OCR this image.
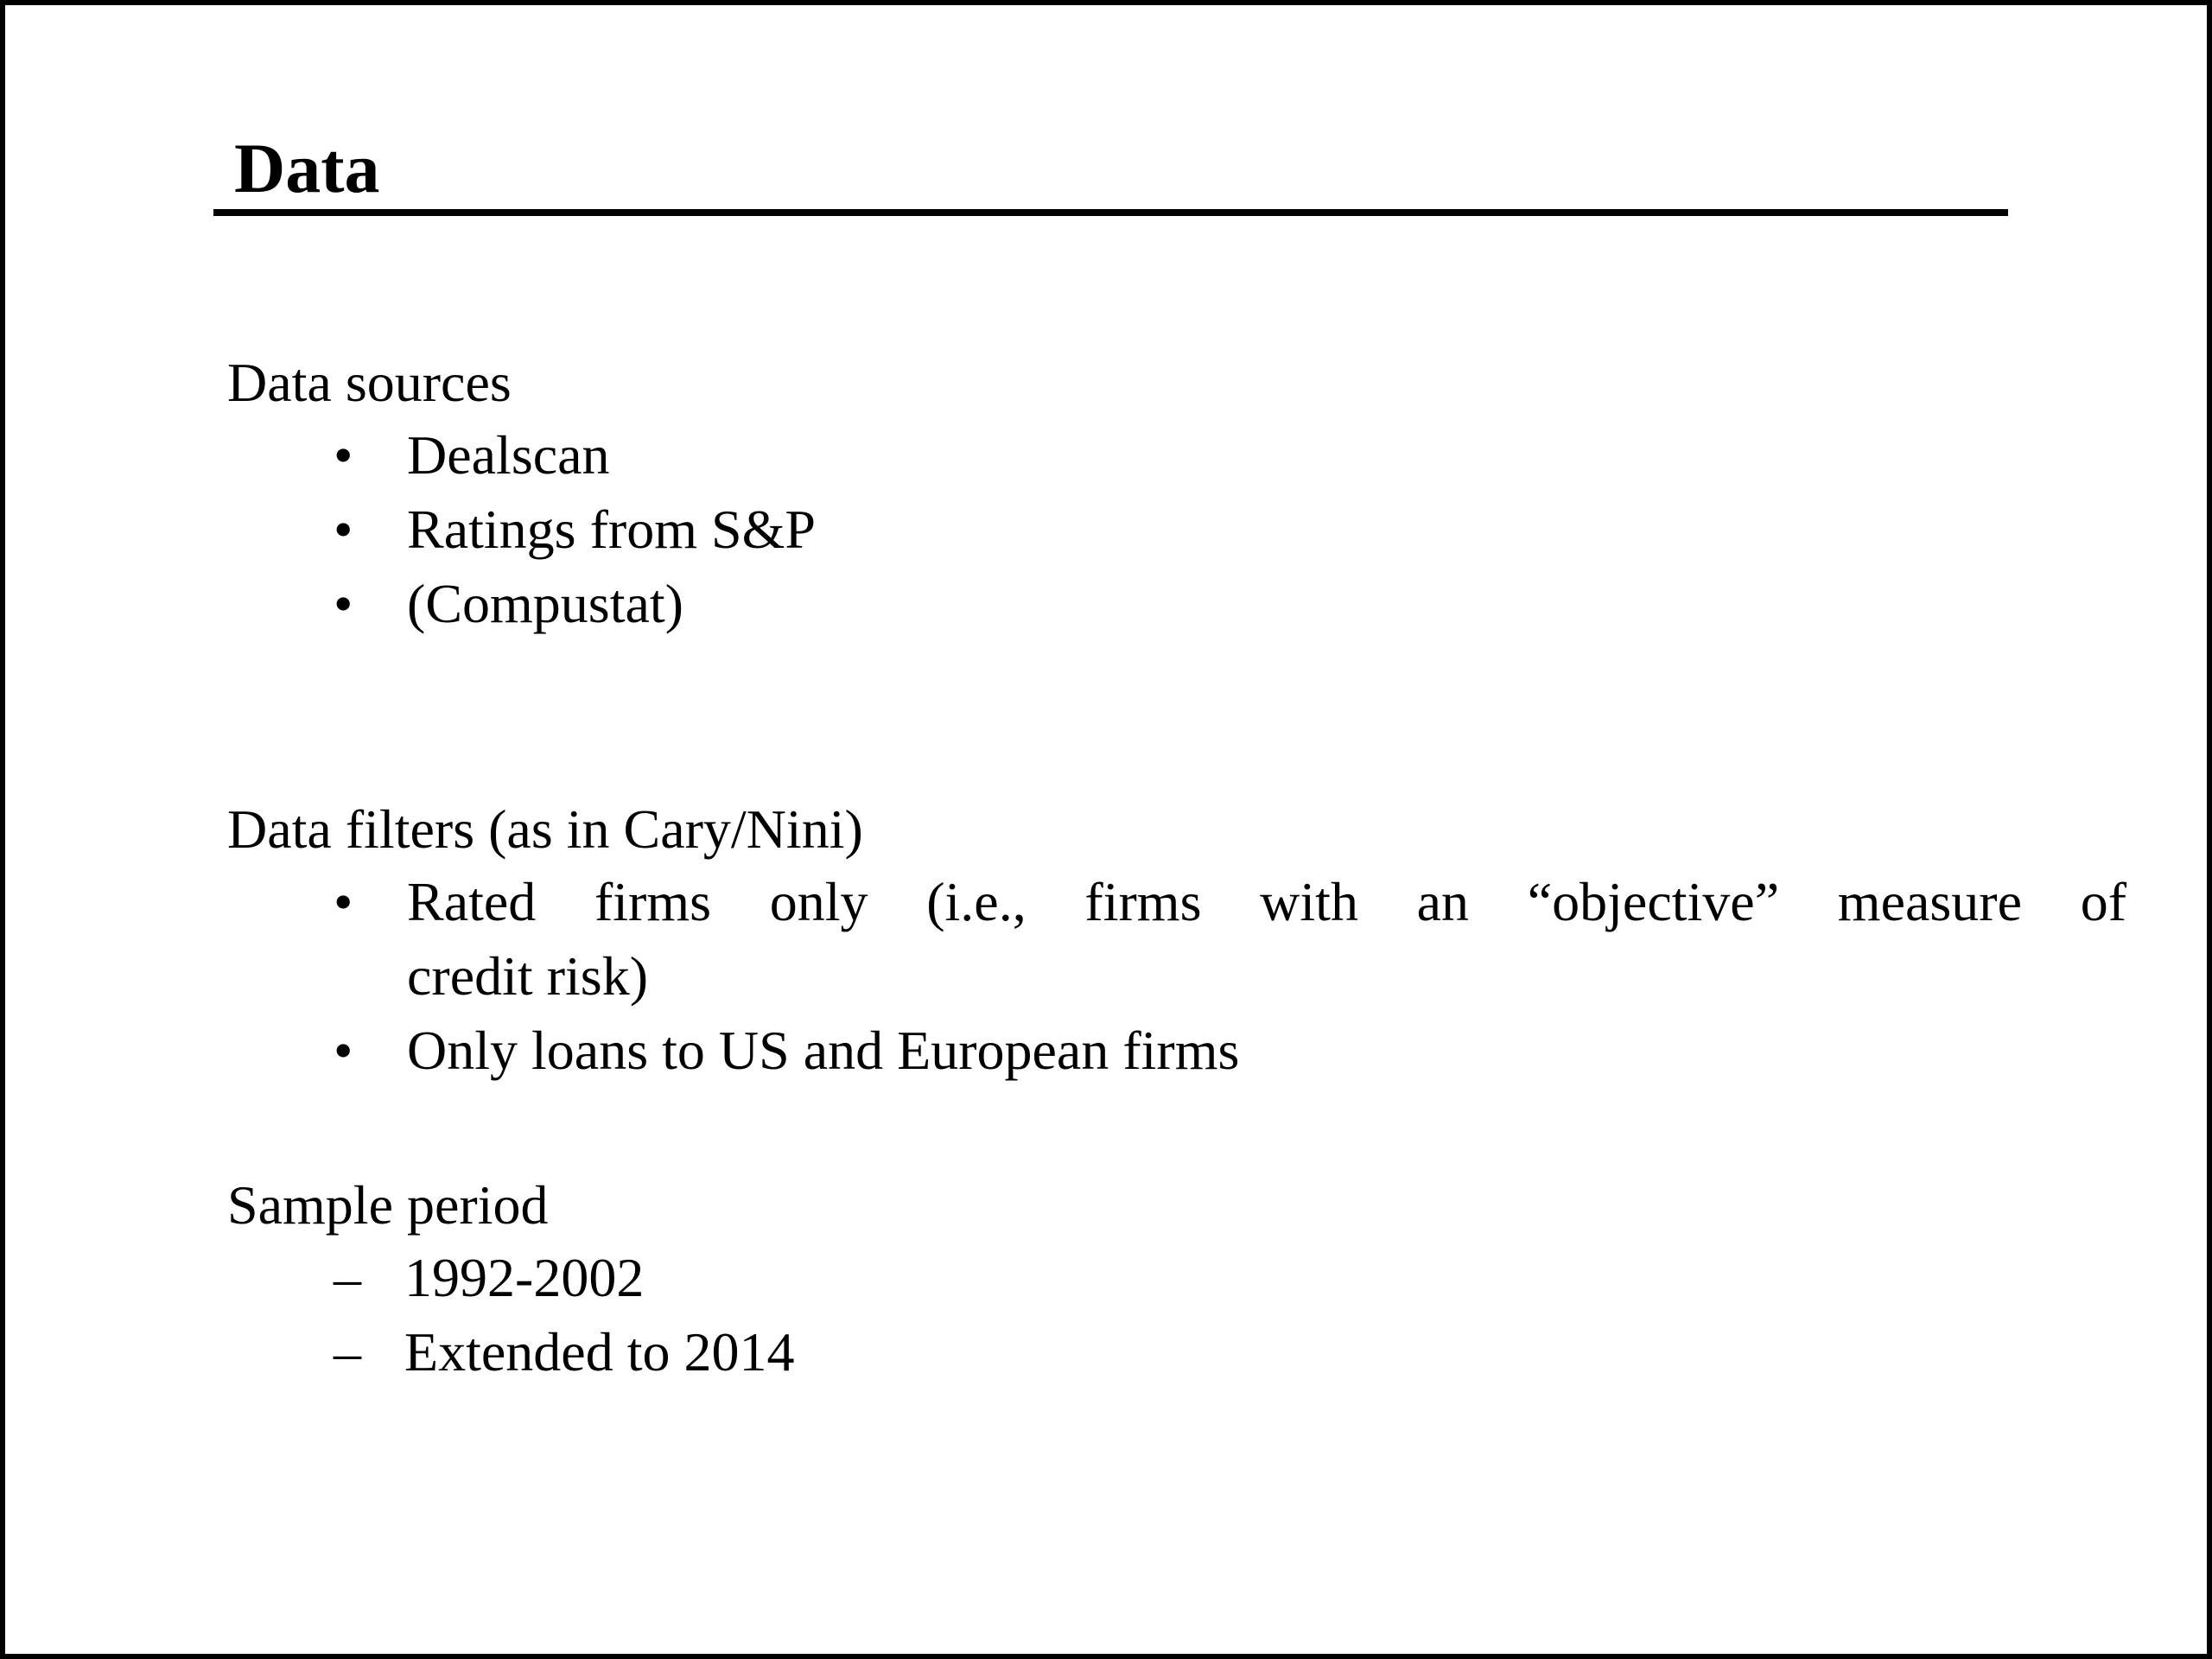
Data

Data sources

• Dealscan
• Ratings from S&P
• (Compustat)

Data filters (as in Cary/Nini)

• Rated firms only (i.e., firms with an “objective” measure of
credit risk)
• Only loans to US and European firms

Sample period

– 1992-2002
– Extended to 2014
